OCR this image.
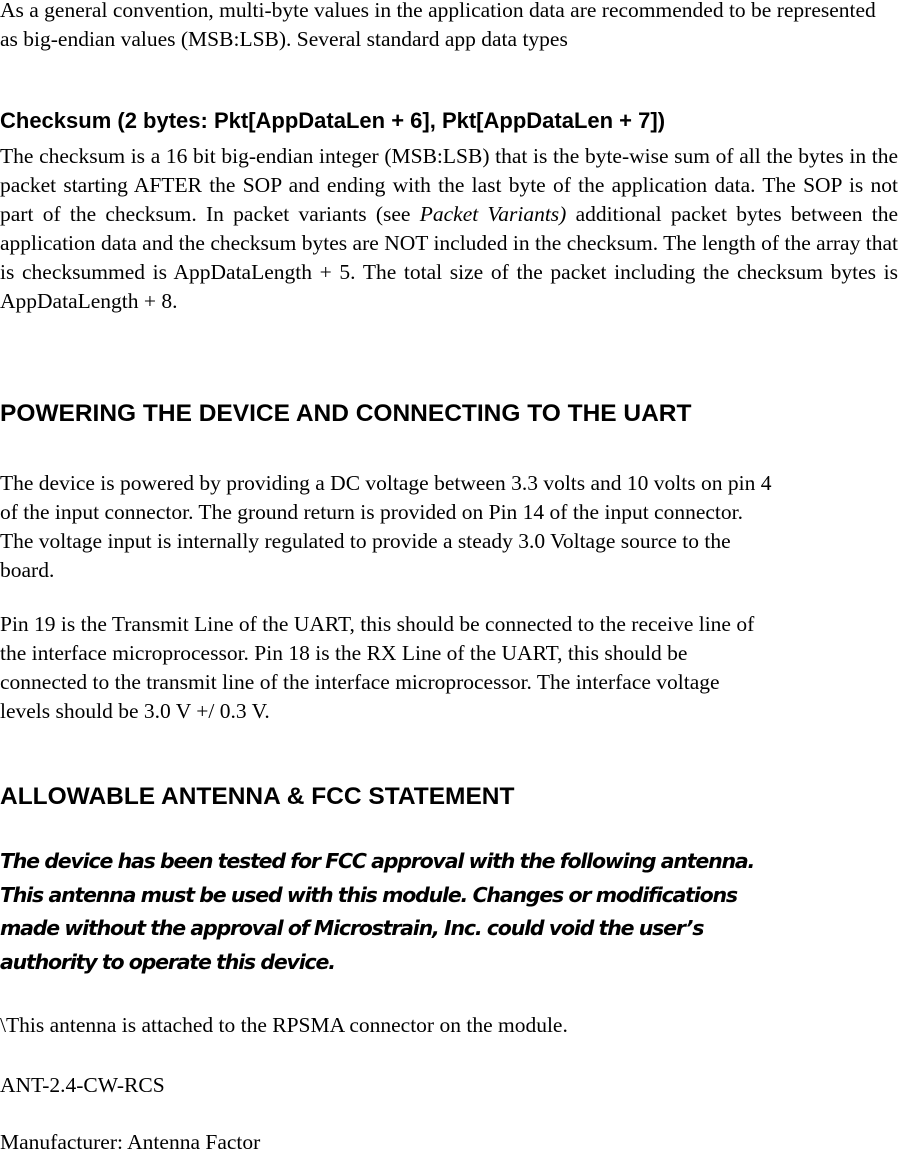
As a general convention, multi-byte values in the application data are recommended to be represented as big-endian values (MSB:LSB). Several standard app data types

Checksum (2 bytes: Pkt[AppDataLen + 6], Pkt[AppDataLen + 7])

The checksum is a 16 bit big-endian integer (MSB:LSB) that is the byte-wise sum of all the bytes in the packet starting AFTER the SOP and ending with the last byte of the application data. The SOP is not part of the checksum. In packet variants (see Packet Variants) additional packet bytes between the application data and the checksum bytes are NOT included in the checksum. The length of the array that is checksummed is AppDataLength + 5. The total size of the packet including the checksum bytes is AppDataLength + 8.

POWERING THE DEVICE AND CONNECTING TO THE UART

The device is powered by providing a DC voltage between 3.3 volts and 10 volts on pin 4

of the input connector. The ground return is provided on Pin 14 of the input connector.

The voltage input is internally regulated to provide a steady 3.0 Voltage source to the

board.

Pin 19 is the Transmit Line of the UART, this should be connected to the receive line of

the interface microprocessor. Pin 18 is the RX Line of the UART, this should be

connected to the transmit line of the interface microprocessor. The interface voltage

levels should be 3.0 V +/ 0.3 V.

ALLOWABLE ANTENNA & FCC STATEMENT

The device has been tested for FCC approval with the following antenna.

This antenna must be used with this module. Changes or modifications

made without the approval of Microstrain, Inc. could void the user’s

authority to operate this device.

\This antenna is attached to the RPSMA connector on the module.
ANT-2.4-CW-RCS
Manufacturer: Antenna Factor
